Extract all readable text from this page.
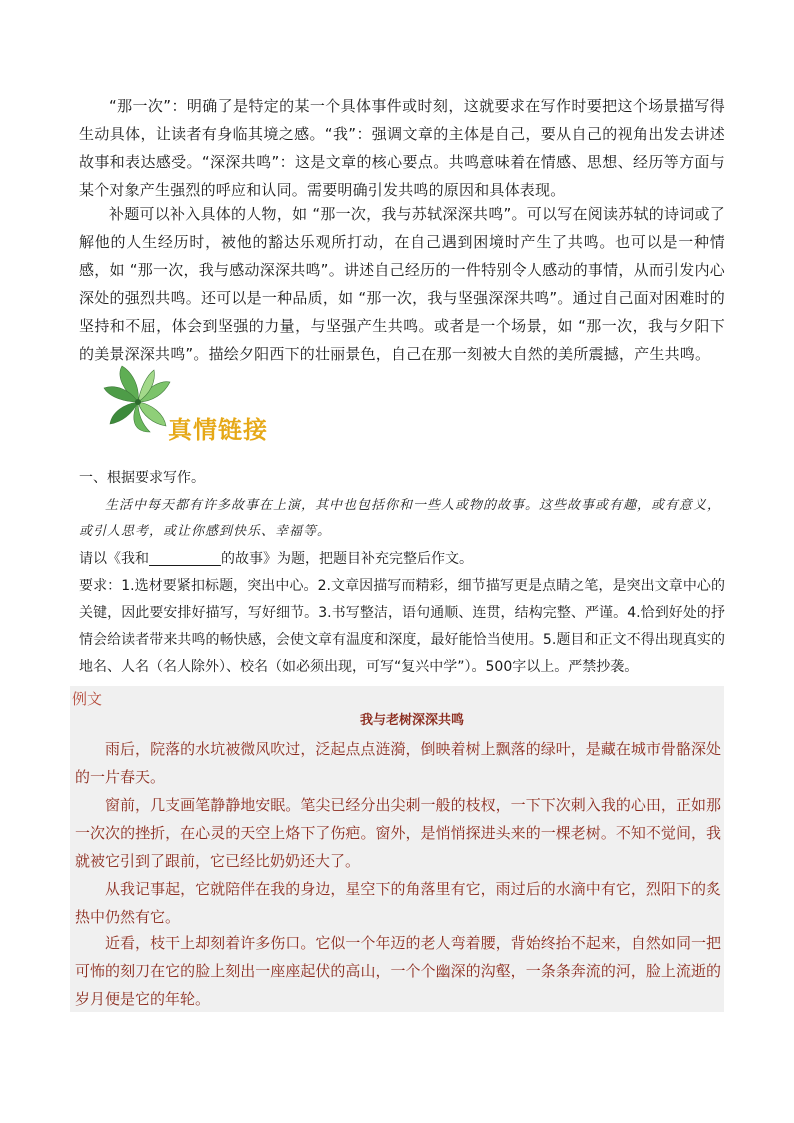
“那一次”：明确了是特定的某一个具体事件或时刻，这就要求在写作时要把这个场景描写得生动具体，让读者有身临其境之感。“我”：强调文章的主体是自己，要从自己的视角出发去讲述故事和表达感受。“深深共鸣”：这是文章的核心要点。共鸣意味着在情感、思想、经历等方面与某个对象产生强烈的呼应和认同。需要明确引发共鸣的原因和具体表现。

补题可以补入具体的人物，如 “那一次，我与苏轼深深共鸣”。可以写在阅读苏轼的诗词或了解他的人生经历时，被他的豁达乐观所打动，在自己遇到困境时产生了共鸣。也可以是一种情感，如 “那一次，我与感动深深共鸣”。讲述自己经历的一件特别令人感动的事情，从而引发内心深处的强烈共鸣。还可以是一种品质，如 “那一次，我与坚强深深共鸣”。通过自己面对困难时的坚持和不屈，体会到坚强的力量，与坚强产生共鸣。或者是一个场景，如 “那一次，我与夕阳下的美景深深共鸣”。描绘夕阳西下的壮丽景色，自己在那一刻被大自然的美所震撼，产生共鸣。

真情链接

一、根据要求写作。

生活中每天都有许多故事在上演，其中也包括你和一些人或物的故事。这些故事或有趣，或有意义，或引人思考，或让你感到快乐、幸福等。

请以《我和	的故事》为题，把题目补充完整后作文。

要求：1.选材要紧扣标题，突出中心。2.文章因描写而精彩，细节描写更是点睛之笔，是突出文章中心的关键，因此要安排好描写，写好细节。3.书写整洁，语句通顺、连贯，结构完整、严谨。4.恰到好处的抒情会给读者带来共鸣的畅快感，会使文章有温度和深度，最好能恰当使用。5.题目和正文不得出现真实的地名、人名（名人除外）、校名（如必须出现，可写“复兴中学”）。500字以上。严禁抄袭。

例文

我与老树深深共鸣

雨后，院落的水坑被微风吹过，泛起点点涟漪，倒映着树上飘落的绿叶，是藏在城市骨骼深处的一片春天。

窗前，几支画笔静静地安眠。笔尖已经分出尖刺一般的枝杈，一下下次刺入我的心田，正如那一次次的挫折，在心灵的天空上烙下了伤疤。窗外，是悄悄探进头来的一棵老树。不知不觉间，我就被它引到了跟前，它已经比奶奶还大了。

从我记事起，它就陪伴在我的身边，星空下的角落里有它，雨过后的水滴中有它，烈阳下的炙热中仍然有它。

近看，枝干上却刻着许多伤口。它似一个年迈的老人弯着腰，背始终抬不起来，自然如同一把可怖的刻刀在它的脸上刻出一座座起伏的高山，一个个幽深的沟壑，一条条奔流的河，脸上流逝的岁月便是它的年轮。
